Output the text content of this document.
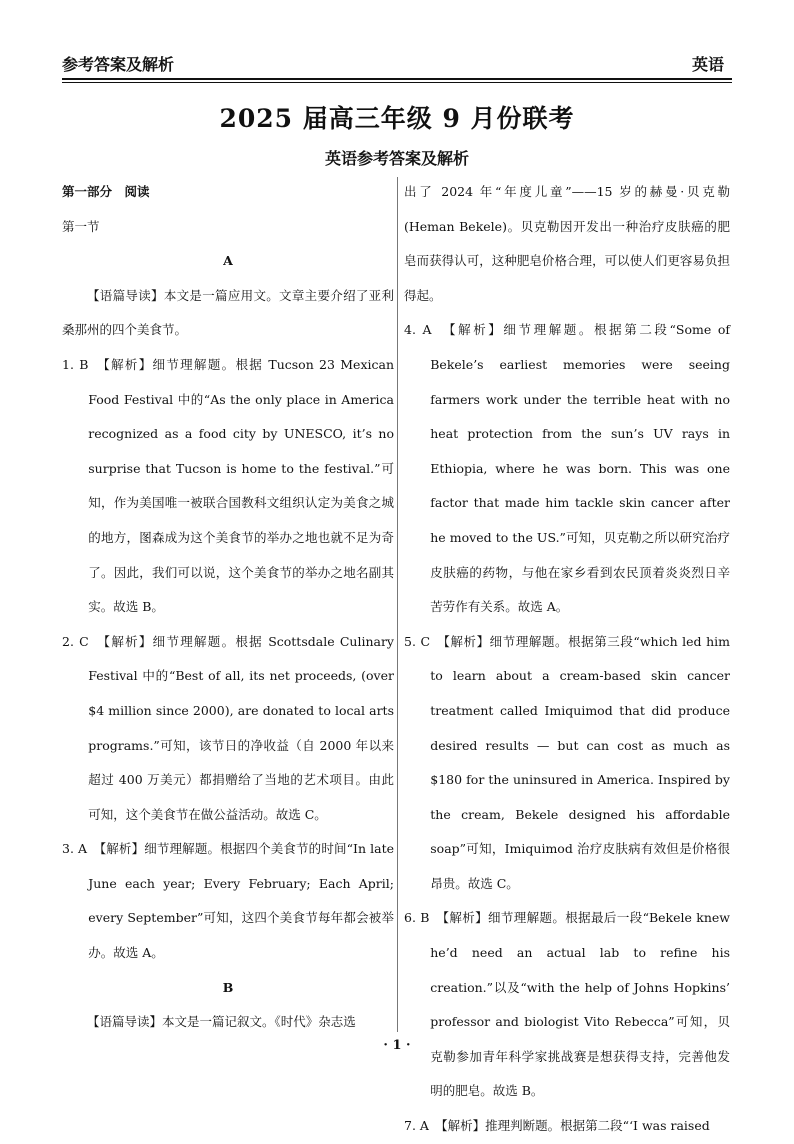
参考答案及解析	英语
2025 届高三年级 9 月份联考
英语参考答案及解析

第一部分　阅读

第一节

A

【语篇导读】本文是一篇应用文。文章主要介绍了亚利桑那州的四个美食节。

1. B　【解析】细节理解题。根据 Tucson 23 Mexican Food Festival 中的“As the only place in America recognized as a food city by UNESCO, it’s no surprise that Tucson is home to the festival.”可知，作为美国唯一被联合国教科文组织认定为美食之城的地方，图森成为这个美食节的举办之地也就不足为奇了。因此，我们可以说，这个美食节的举办之地名副其实。故选 B。

2. C　【解析】细节理解题。根据 Scottsdale Culinary Festival 中的“Best of all, its net proceeds, (over $4 million since 2000), are donated to local arts programs.”可知，该节日的净收益（自 2000 年以来超过 400 万美元）都捐赠给了当地的艺术项目。由此可知，这个美食节在做公益活动。故选 C。

3. A　【解析】细节理解题。根据四个美食节的时间“In late June each year; Every February; Each April; every September”可知，这四个美食节每年都会被举办。故选 A。

B

【语篇导读】本文是一篇记叙文。《时代》杂志选

出了 2024 年“年度儿童”——15 岁的赫曼·贝克勒(Heman Bekele)。贝克勒因开发出一种治疗皮肤癌的肥皂而获得认可，这种肥皂价格合理，可以使人们更容易负担得起。

4. A　【解析】细节理解题。根据第二段“Some of Bekele’s earliest memories were seeing farmers work under the terrible heat with no heat protection from the sun’s UV rays in Ethiopia, where he was born. This was one factor that made him tackle skin cancer after he moved to the US.”可知，贝克勒之所以研究治疗皮肤癌的药物，与他在家乡看到农民顶着炎炎烈日辛苦劳作有关系。故选 A。

5. C　【解析】细节理解题。根据第三段“which led him to learn about a cream-based skin cancer treatment called Imiquimod that did produce desired results — but can cost as much as $180 for the uninsured in America. Inspired by the cream, Bekele designed his affordable soap”可知，Imiquimod 治疗皮肤病有效但是价格很昂贵。故选 C。

6. B　【解析】细节理解题。根据最后一段“Bekele knew he’d need an actual lab to refine his creation.”以及“with the help of Johns Hopkins’ professor and biologist Vito Rebecca”可知，贝克勒参加青年科学家挑战赛是想获得支持，完善他发明的肥皂。故选 B。

7. A　【解析】推理判断题。根据第二段“‘I was raised

· 1 ·
